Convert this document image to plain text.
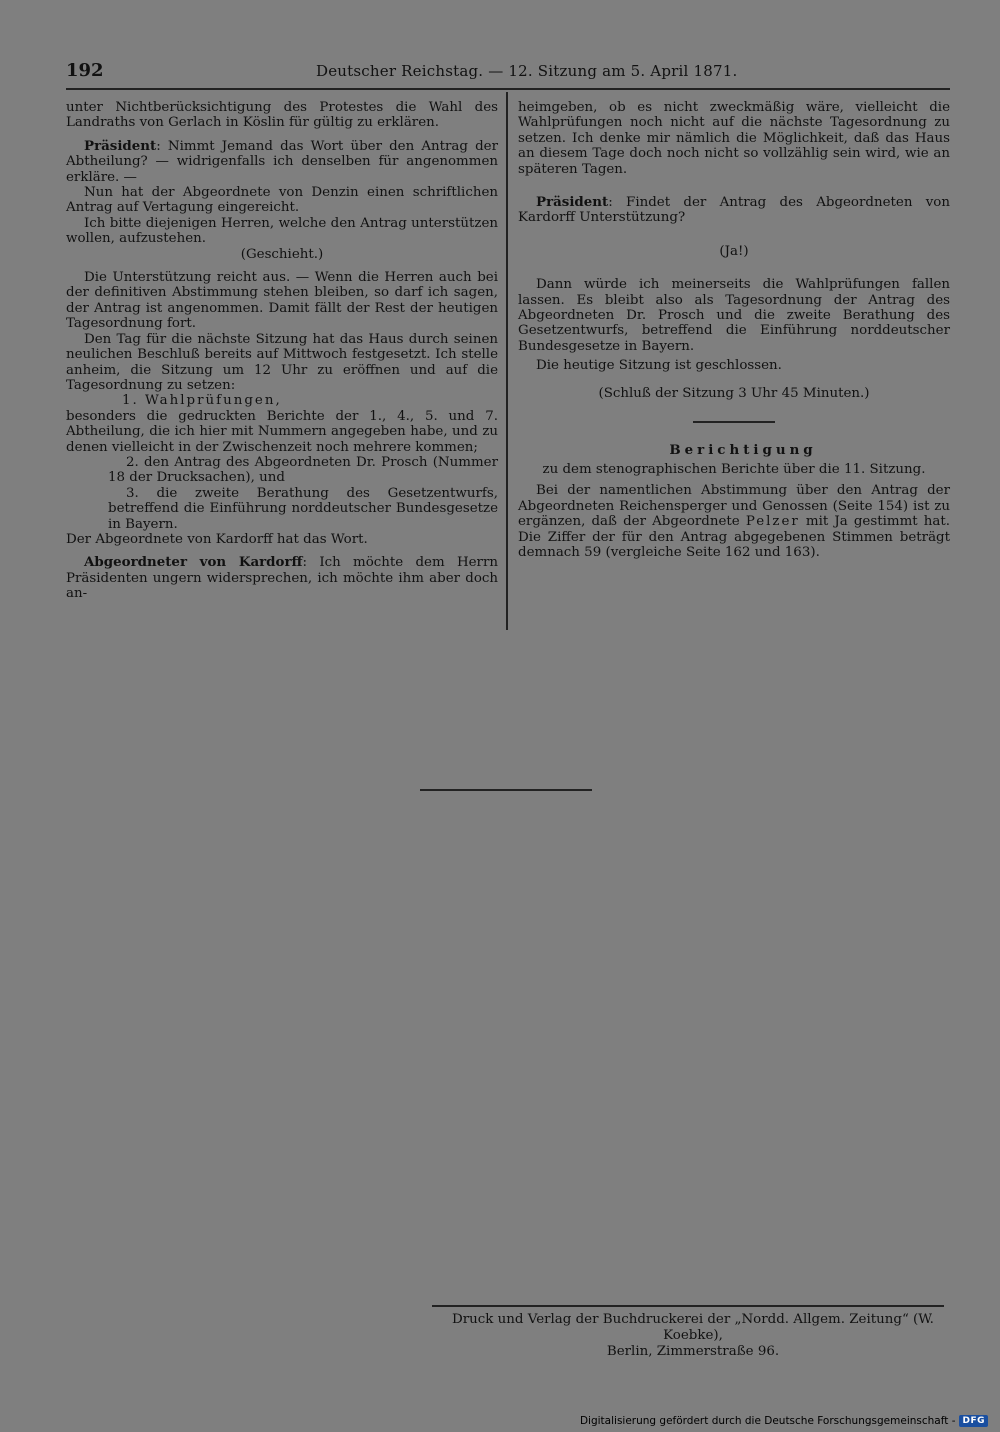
192	Deutscher Reichstag. — 12. Sitzung am 5. April 1871.

unter Nichtberücksichtigung des Protestes die Wahl des Landraths von Gerlach in Köslin für gültig zu erklären.

Präsident: Nimmt Jemand das Wort über den Antrag der Abtheilung? — widrigenfalls ich denselben für angenommen erkläre. —

Nun hat der Abgeordnete von Denzin einen schriftlichen Antrag auf Vertagung eingereicht.

Ich bitte diejenigen Herren, welche den Antrag unterstützen wollen, aufzustehen.

(Geschieht.)

Die Unterstützung reicht aus. — Wenn die Herren auch bei der definitiven Abstimmung stehen bleiben, so darf ich sagen, der Antrag ist angenommen. Damit fällt der Rest der heutigen Tagesordnung fort.

Den Tag für die nächste Sitzung hat das Haus durch seinen neulichen Beschluß bereits auf Mittwoch festgesetzt. Ich stelle anheim, die Sitzung um 12 Uhr zu eröffnen und auf die Tagesordnung zu setzen:

1. Wahlprüfungen,

besonders die gedruckten Berichte der 1., 4., 5. und 7. Abtheilung, die ich hier mit Nummern angegeben habe, und zu denen vielleicht in der Zwischenzeit noch mehrere kommen;

2. den Antrag des Abgeordneten Dr. Prosch (Nummer 18 der Drucksachen), und

3. die zweite Berathung des Gesetzentwurfs, betreffend die Einführung norddeutscher Bundesgesetze in Bayern.

Der Abgeordnete von Kardorff hat das Wort.

Abgeordneter von Kardorff: Ich möchte dem Herrn Präsidenten ungern widersprechen, ich möchte ihm aber doch an-

heimgeben, ob es nicht zweckmäßig wäre, vielleicht die Wahlprüfungen noch nicht auf die nächste Tagesordnung zu setzen. Ich denke mir nämlich die Möglichkeit, daß das Haus an diesem Tage doch noch nicht so vollzählig sein wird, wie an späteren Tagen.

Präsident: Findet der Antrag des Abgeordneten von Kardorff Unterstützung?

(Ja!)

Dann würde ich meinerseits die Wahlprüfungen fallen lassen. Es bleibt also als Tagesordnung der Antrag des Abgeordneten Dr. Prosch und die zweite Berathung des Gesetzentwurfs, betreffend die Einführung norddeutscher Bundesgesetze in Bayern.

Die heutige Sitzung ist geschlossen.

(Schluß der Sitzung 3 Uhr 45 Minuten.)

Berichtigung

zu dem stenographischen Berichte über die 11. Sitzung.

Bei der namentlichen Abstimmung über den Antrag der Abgeordneten Reichensperger und Genossen (Seite 154) ist zu ergänzen, daß der Abgeordnete Pelzer mit Ja gestimmt hat. Die Ziffer der für den Antrag abgegebenen Stimmen beträgt demnach 59 (vergleiche Seite 162 und 163).

Druck und Verlag der Buchdruckerei der „Nordd. Allgem. Zeitung“ (W. Koebke),
Berlin, Zimmerstraße 96.
Digitalisierung gefördert durch die Deutsche Forschungsgemeinschaft - DFG
